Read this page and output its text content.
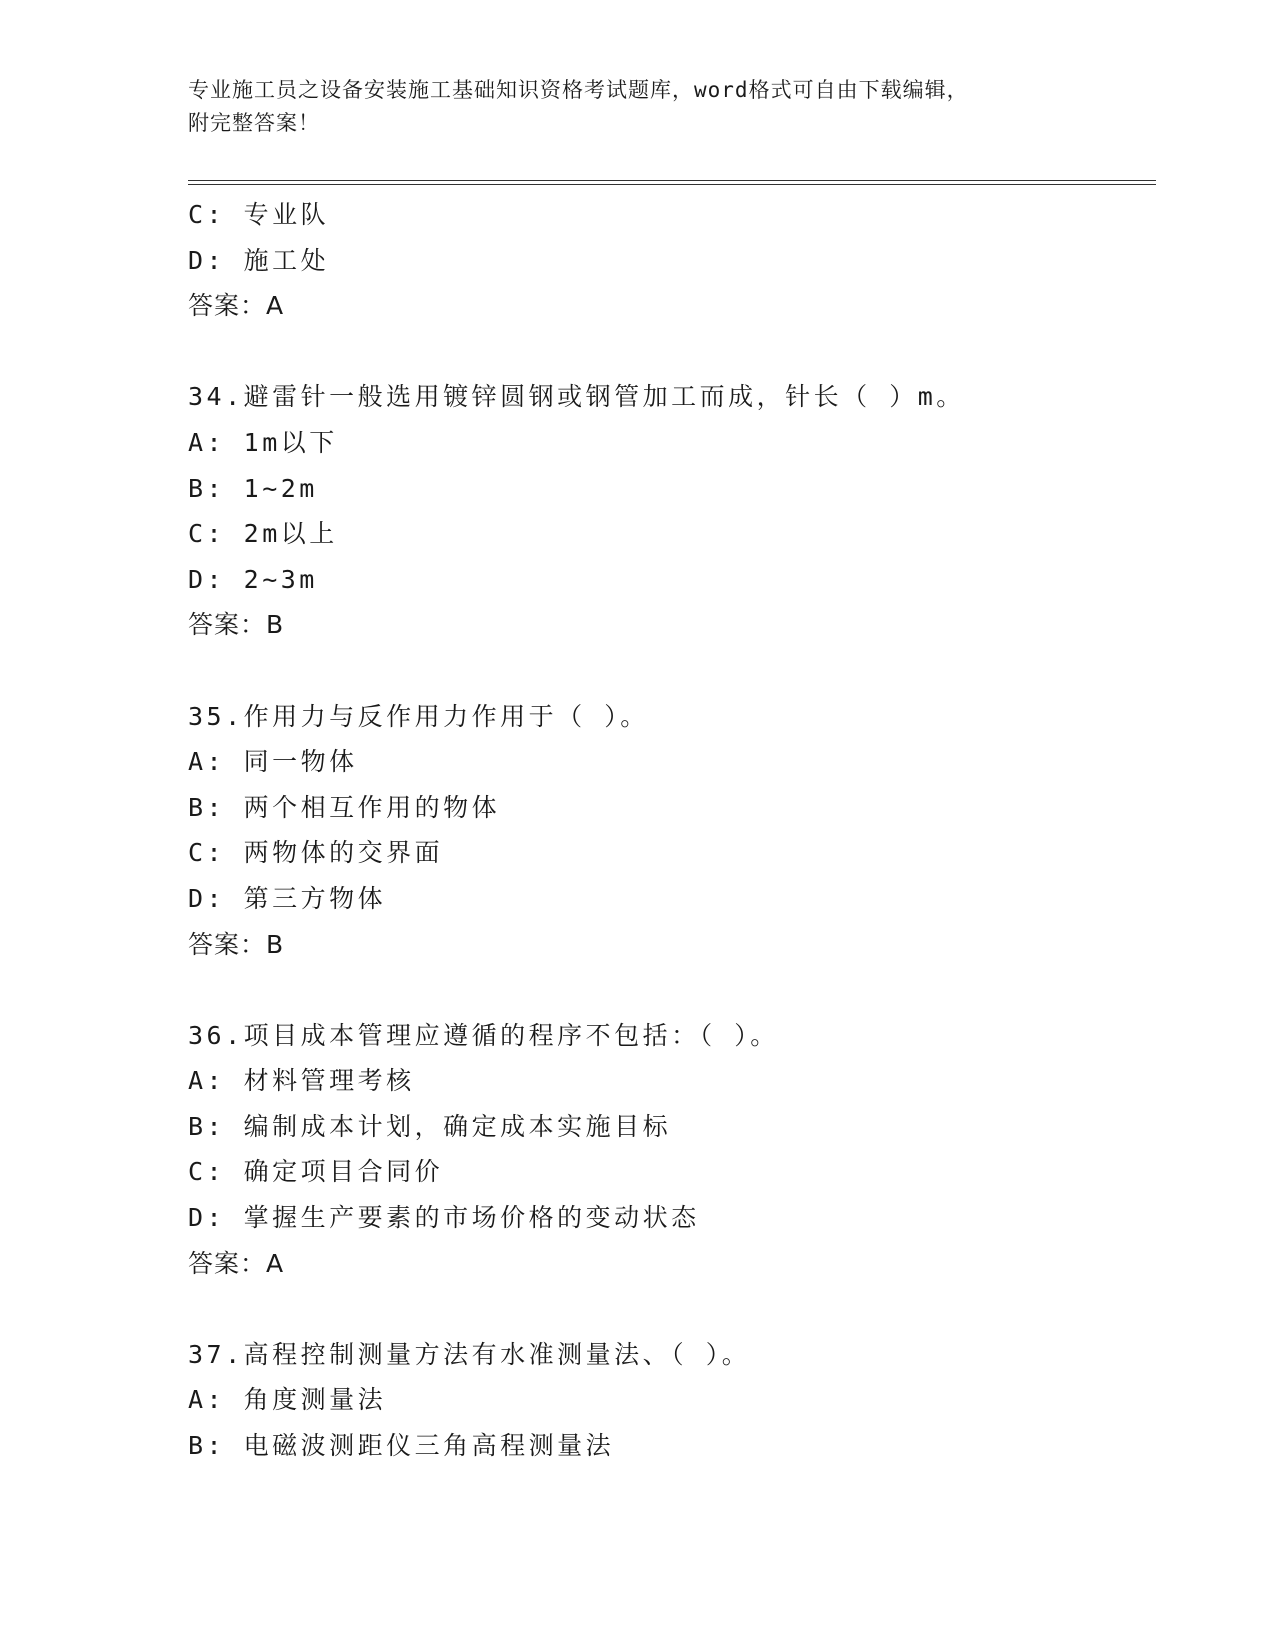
专业施工员之设备安装施工基础知识资格考试题库，word格式可自由下载编辑，
附完整答案！
C: 专业队
D: 施工处
答案：A
34.避雷针一般选用镀锌圆钢或钢管加工而成，针长（ ）m。
A: 1m以下
B: 1~2m
C: 2m以上
D: 2~3m
答案：B
35.作用力与反作用力作用于（ ）。
A: 同一物体
B: 两个相互作用的物体
C: 两物体的交界面
D: 第三方物体
答案：B
36.项目成本管理应遵循的程序不包括：（ ）。
A: 材料管理考核
B: 编制成本计划，确定成本实施目标
C: 确定项目合同价
D: 掌握生产要素的市场价格的变动状态
答案：A
37.高程控制测量方法有水准测量法、（ ）。
A: 角度测量法
B: 电磁波测距仪三角高程测量法
